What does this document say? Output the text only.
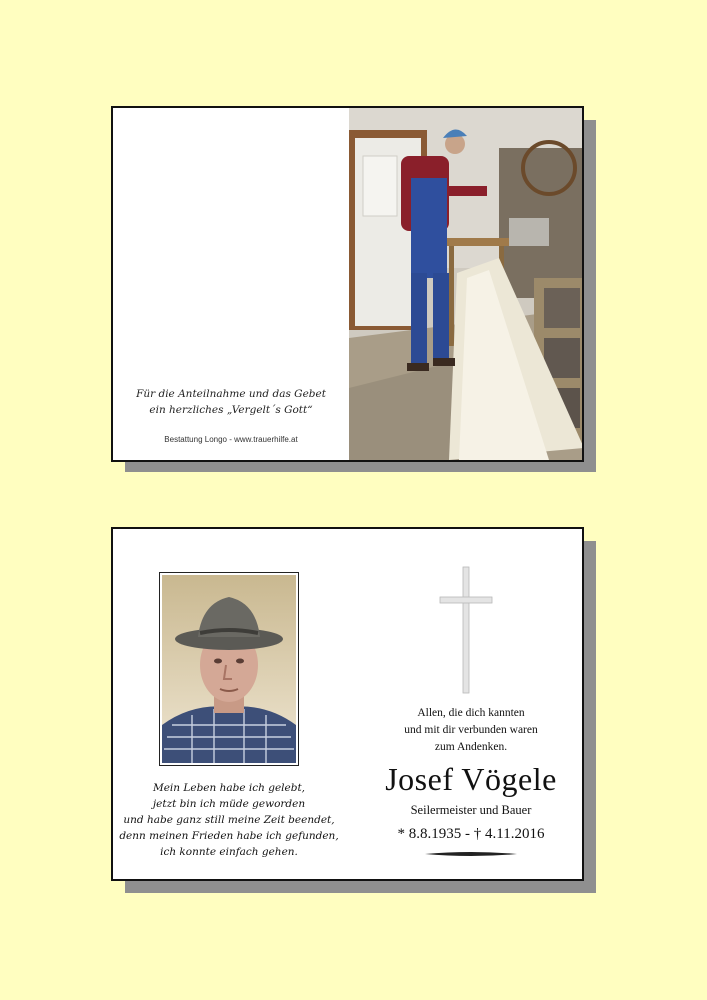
Für die Anteilnahme und das Gebet
ein herzliches „Vergelt´s Gott“
Bestattung Longo - www.trauerhilfe.at
Mein Leben habe ich gelebt,
jetzt bin ich müde geworden
und habe ganz still meine Zeit beendet,
denn meinen Frieden habe ich gefunden,
ich konnte einfach gehen.
Allen, die dich kannten
und mit dir verbunden waren
zum Andenken.
Josef Vögele
Seilermeister und Bauer
* 8.8.1935 - † 4.11.2016
